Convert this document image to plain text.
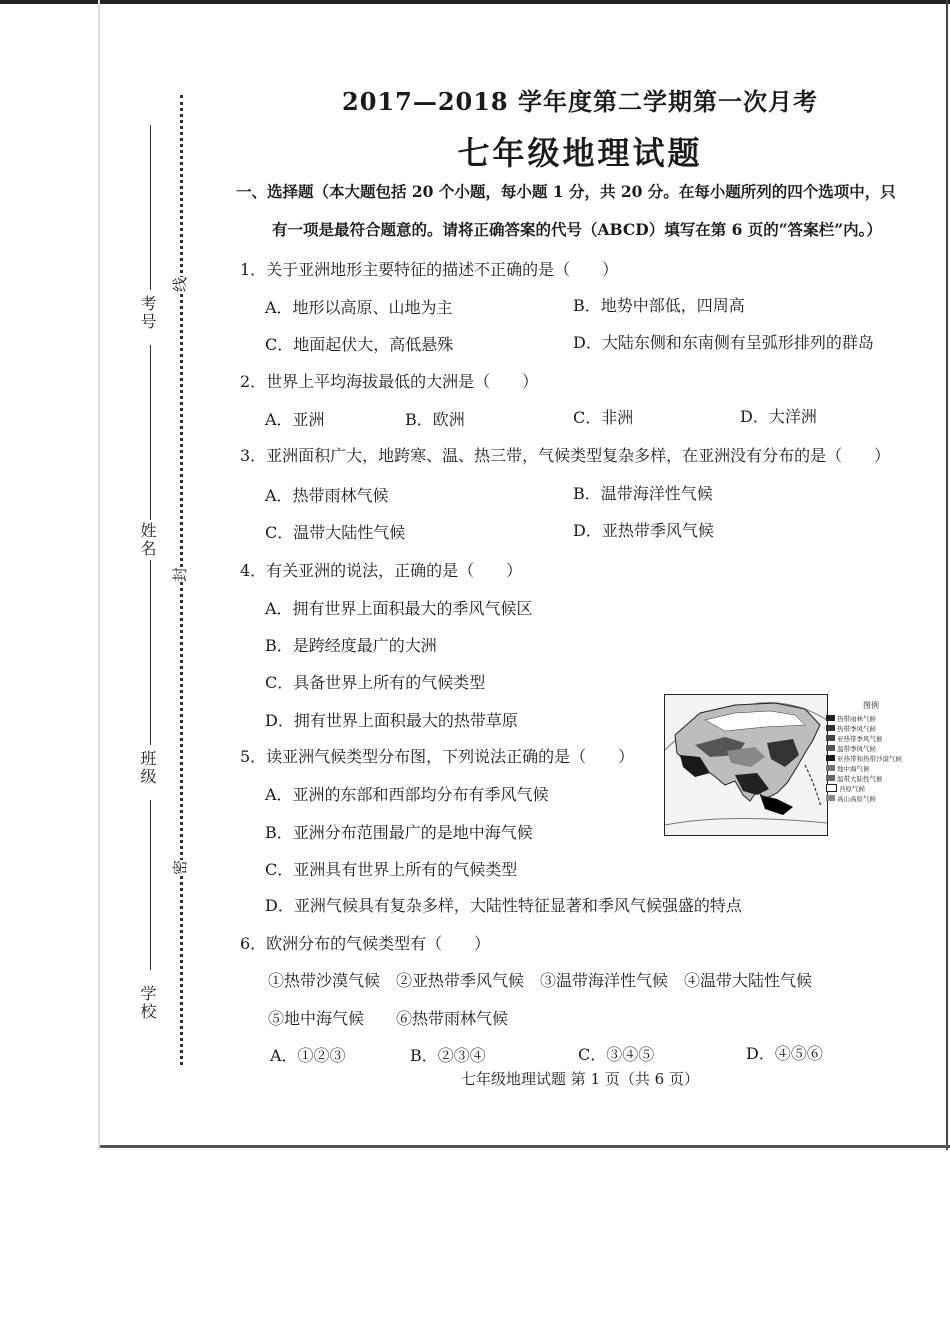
考号
姓名
班级
学校
线
封
密
2017—2018 学年度第二学期第一次月考
七年级地理试题
一、选择题（本大题包括 20 个小题，每小题 1 分，共 20 分。在每小题所列的四个选项中，只
有一项是最符合题意的。请将正确答案的代号（ABCD）填写在第 6 页的“答案栏”内。）
1．关于亚洲地形主要特征的描述不正确的是（　　）
A．地形以高原、山地为主	B．地势中部低，四周高
C．地面起伏大，高低悬殊	D．大陆东侧和东南侧有呈弧形排列的群岛
2．世界上平均海拔最低的大洲是（　　）
A．亚洲	B．欧洲	C．非洲	D．大洋洲
3．亚洲面积广大，地跨寒、温、热三带，气候类型复杂多样，在亚洲没有分布的是（　　）
A．热带雨林气候	B．温带海洋性气候
C．温带大陆性气候	D．亚热带季风气候
4．有关亚洲的说法，正确的是（　　）
A．拥有世界上面积最大的季风气候区
B．是跨经度最广的大洲
C．具备世界上所有的气候类型
D．拥有世界上面积最大的热带草原
5．读亚洲气候类型分布图，下列说法正确的是（　　）
A．亚洲的东部和西部均分布有季风气候
B．亚洲分布范围最广的是地中海气候
C．亚洲具有世界上所有的气候类型
D．亚洲气候具有复杂多样，大陆性特征显著和季风气候强盛的特点
图例
热带雨林气候
热带季风气候
亚热带季风气候
温带季风气候
亚热带和热带沙漠气候
地中海气候
温带大陆性气候
苔原气候
高山高原气候
6．欧洲分布的气候类型有（　　）
①热带沙漠气候　②亚热带季风气候　③温带海洋性气候　④温带大陆性气候
⑤地中海气候　　⑥热带雨林气候
A．①②③	B．②③④	C．③④⑤	D．④⑤⑥
七年级地理试题 第 1 页（共 6 页）
